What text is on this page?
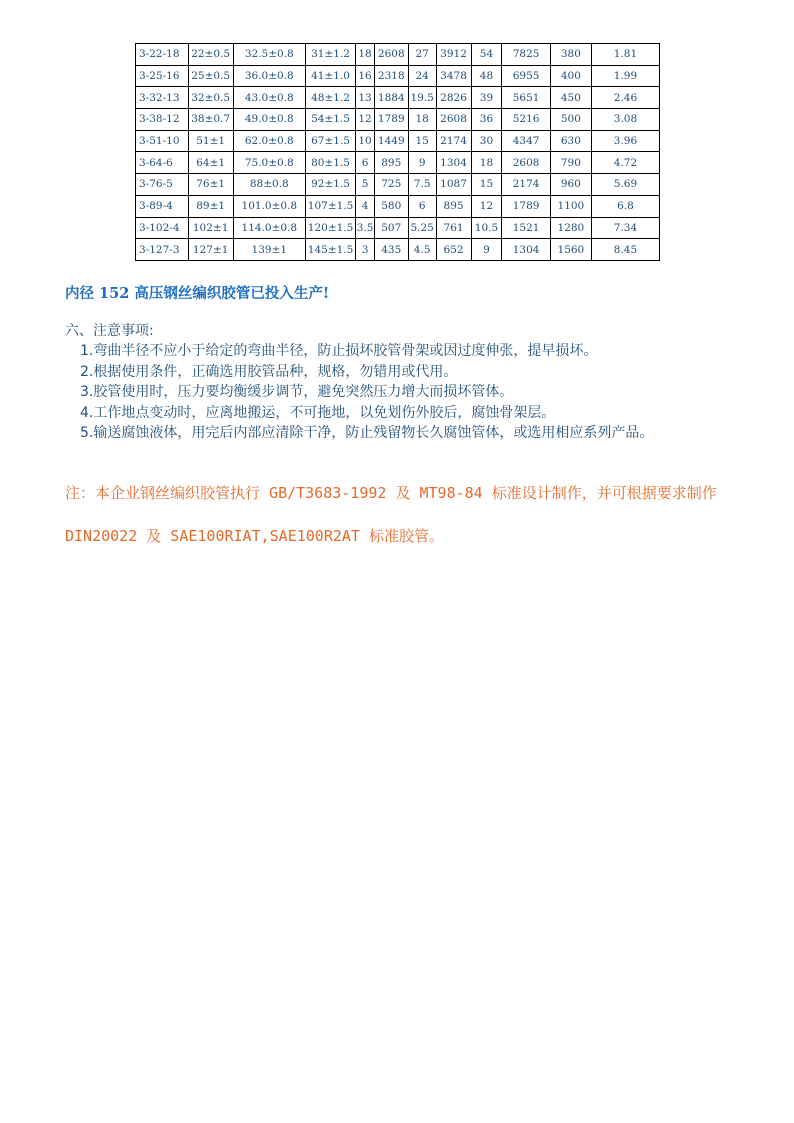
3-22-18	22±0.5	32.5±0.8	31±1.2	18	2608	27	3912	54	7825	380	1.81
3-25-16	25±0.5	36.0±0.8	41±1.0	16	2318	24	3478	48	6955	400	1.99
3-32-13	32±0.5	43.0±0.8	48±1.2	13	1884	19.5	2826	39	5651	450	2.46
3-38-12	38±0.7	49.0±0.8	54±1.5	12	1789	18	2608	36	5216	500	3.08
3-51-10	51±1	62.0±0.8	67±1.5	10	1449	15	2174	30	4347	630	3.96
3-64-6	64±1	75.0±0.8	80±1.5	6	895	9	1304	18	2608	790	4.72
3-76-5	76±1	88±0.8	92±1.5	5	725	7.5	1087	15	2174	960	5.69
3-89-4	89±1	101.0±0.8	107±1.5	4	580	6	895	12	1789	1100	6.8
3-102-4	102±1	114.0±0.8	120±1.5	3.5	507	5.25	761	10.5	1521	1280	7.34
3-127-3	127±1	139±1	145±1.5	3	435	4.5	652	9	1304	1560	8.45
内径 152 高压钢丝编织胶管已投入生产!
六、注意事项:
1.弯曲半径不应小于给定的弯曲半径，防止损坏胶管骨架或因过度伸张，提早损坏。
2.根据使用条件，正确选用胶管品种，规格，勿错用或代用。
3.胶管使用时，压力要均衡缓步调节，避免突然压力增大而损坏管体。
4.工作地点变动时，应离地搬运，不可拖地，以免划伤外胶后，腐蚀骨架层。
5.输送腐蚀液体，用完后内部应清除干净，防止残留物长久腐蚀管体，或选用相应系列产品。
注：本企业钢丝编织胶管执行 GB/T3683-1992 及 MT98-84 标准设计制作，并可根据要求制作 DIN20022 及 SAE100RIAT,SAE100R2AT 标准胶管。
